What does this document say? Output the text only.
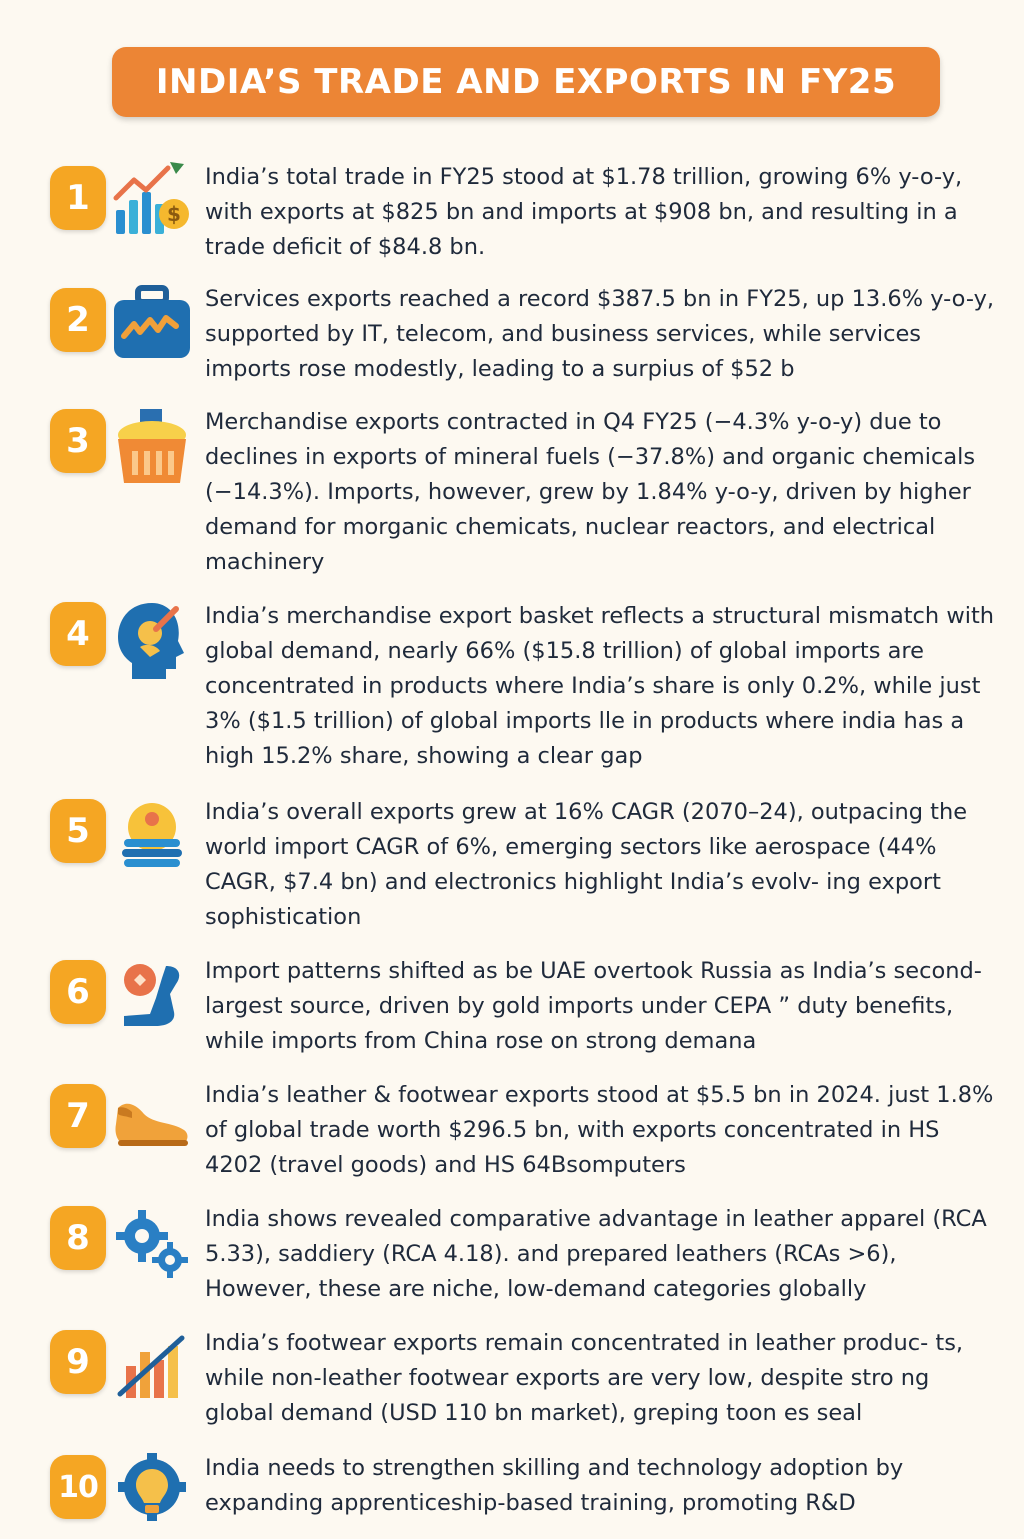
INDIA’S TRADE AND EXPORTS IN FY25
1	$
India’s total trade in FY25 stood at $1.78 trillion, growing 6% y-o-y, with exports at $825 bn and imports at $908 bn, and resulting in a trade deficit of $84.8 bn.
2
Services exports reached a record $387.5 bn in FY25, up 13.6% y-o-y, supported by IT, telecom, and business services, while services imports rose modestly, leading to a surpius of $52 b
3	Merchandise exports contracted in Q4 FY25 (−4.3% y-o-y) due to declines in exports of mineral fuels (−37.8%) and organic chemicals (−14.3%). Imports, however, grew by 1.84% y-o-y, driven by higher demand for morganic chemicats, nuclear reactors, and electrical machinery
4	India’s merchandise export basket reflects a structural mismatch with global demand, nearly 66% ($15.8 trillion) of global imports are concentrated in products where India’s share is only 0.2%, while just 3% ($1.5 trillion) of global imports lle in products where india has a high 15.2% share, showing a clear gap
5	India’s overall exports grew at 16% CAGR (2070–24), outpacing the world import CAGR of 6%, emerging sectors like aerospace (44% CAGR, $7.4 bn) and electronics highlight India’s evolv- ing export sophistication
6
Import patterns shifted as be UAE overtook Russia as India’s second-largest source, driven by gold imports under CEPA ” duty benefits, while imports from China rose on strong demana
7
India’s leather & footwear exports stood at $5.5 bn in 2024. just 1.8% of global trade worth $296.5 bn, with exports concentrated in HS 4202 (travel goods) and HS 64Bsomputers
8	India shows revealed comparative advantage in leather apparel (RCA 5.33), saddiery (RCA 4.18). and prepared leathers (RCAs >6), However, these are niche, low-demand categories globally
9	India’s footwear exports remain concentrated in leather produc- ts, while non-leather footwear exports are very low, despite stro ng global demand (USD 110 bn market), greping toon es seal
10
India needs to strengthen skilling and technology adoption by expanding apprenticeship-based training, promoting R&D
